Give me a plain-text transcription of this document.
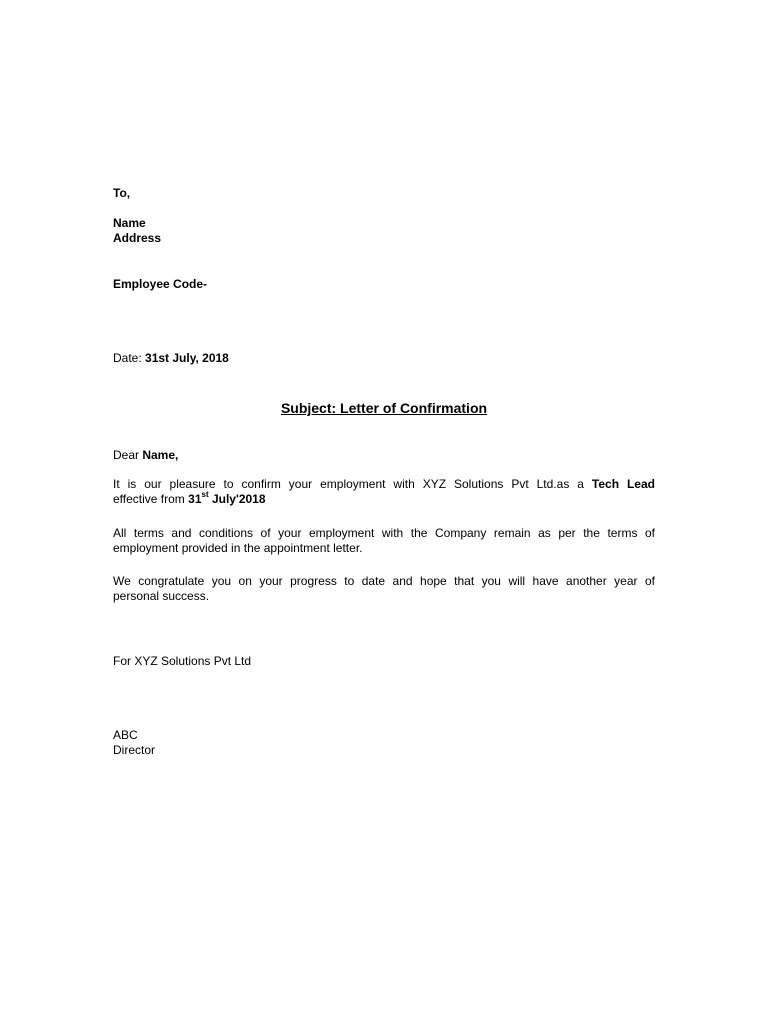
To,
Name
Address
Employee Code-
Date: 31st July, 2018
Subject: Letter of Confirmation
Dear Name,
It is our pleasure to confirm your employment with XYZ Solutions Pvt Ltd.as a Tech Lead
effective from 31st July'2018
All terms and conditions of your employment with the Company remain as per the terms of
employment provided in the appointment letter.
We congratulate you on your progress to date and hope that you will have another year of
personal success.
For XYZ Solutions Pvt Ltd
ABC
Director
